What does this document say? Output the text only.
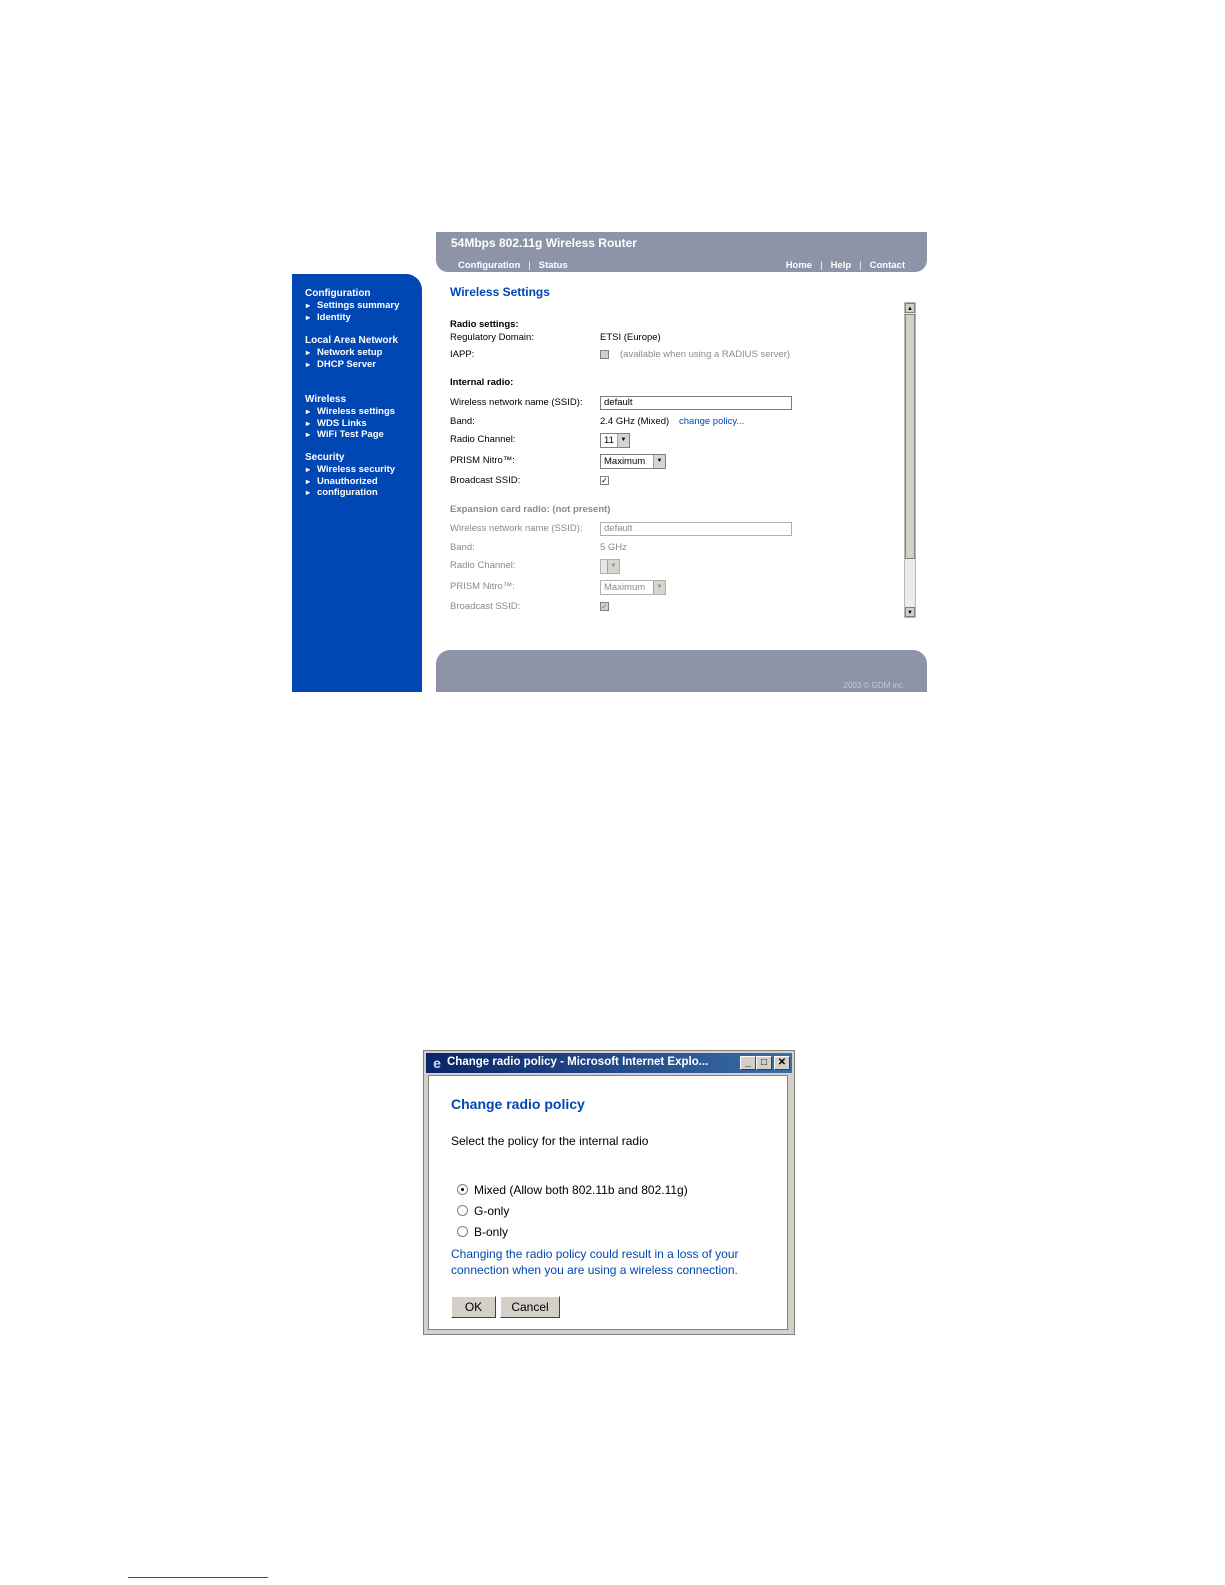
54Mbps 802.11g Wireless Router
Configuration | Status	Home | Help | Contact
Configuration
▸ Settings summary
▸ Identity
Local Area Network
▸ Network setup
▸ DHCP Server
Wireless
▸ Wireless settings
▸ WDS Links
▸ WiFi Test Page
Security
▸ Wireless security
▸ Unauthorized
▸ configuration
Wireless Settings
Radio settings:
Regulatory Domain:	ETSI (Europe)
IAPP:	(available when using a RADIUS server)
Internal radio:
Wireless network name (SSID):	default
Band:	2.4 GHz (Mixed) change policy...
Radio Channel:	11	▼
PRISM Nitro™:	Maximum	▼
Broadcast SSID:	✓
Expansion card radio: (not present)
Wireless network name (SSID):	default
Band:	5 GHz
Radio Channel:	▼
PRISM Nitro™:	Maximum	▼
Broadcast SSID:	✓
▲
▼
2003 © GDM inc.
e Change radio policy - Microsoft Internet Explo...	_	□	✕
Change radio policy
Select the policy for the internal radio
Mixed (Allow both 802.11b and 802.11g)
G-only
B-only
Changing the radio policy could result in a loss of your connection when you are using a wireless connection.
OK	Cancel
